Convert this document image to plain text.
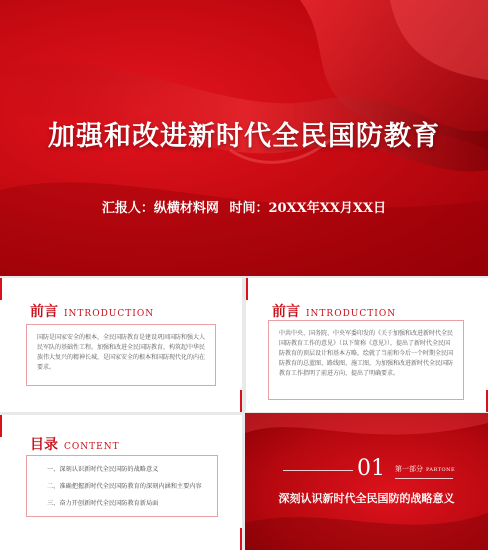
加强和改进新时代全民国防教育
汇报人：纵横材料网 时间：20XX年XX月XX日
前言 INTRODUCTION

国防是国家安全的根本，全民国防教育是建设巩固国防和强大人民军队的基础性工程。加强和改进全民国防教育，构筑起中华民族伟大复兴的精神长城，是国家安全的根本和国防现代化的内在要求。

前言 INTRODUCTION

中共中央、国务院、中央军委印发的《关于加强和改进新时代全民国防教育工作的意见》（以下简称《意见》），提出了新时代全民国防教育的顶层设计和基本方略，绘就了当前和今后一个时期全民国防教育的总蓝图、路线图、施工图，为加强和改进新时代全民国防教育工作指明了前进方向、提出了明确要求。

目录 CONTENT
一、深刻认识新时代全民国防的战略意义
二、准确把握新时代全民国防教育的深刻内涵和主要内容
三、奋力开创新时代全民国防教育新局面
01 第一部分 PARTONE
深刻认识新时代全民国防的战略意义
